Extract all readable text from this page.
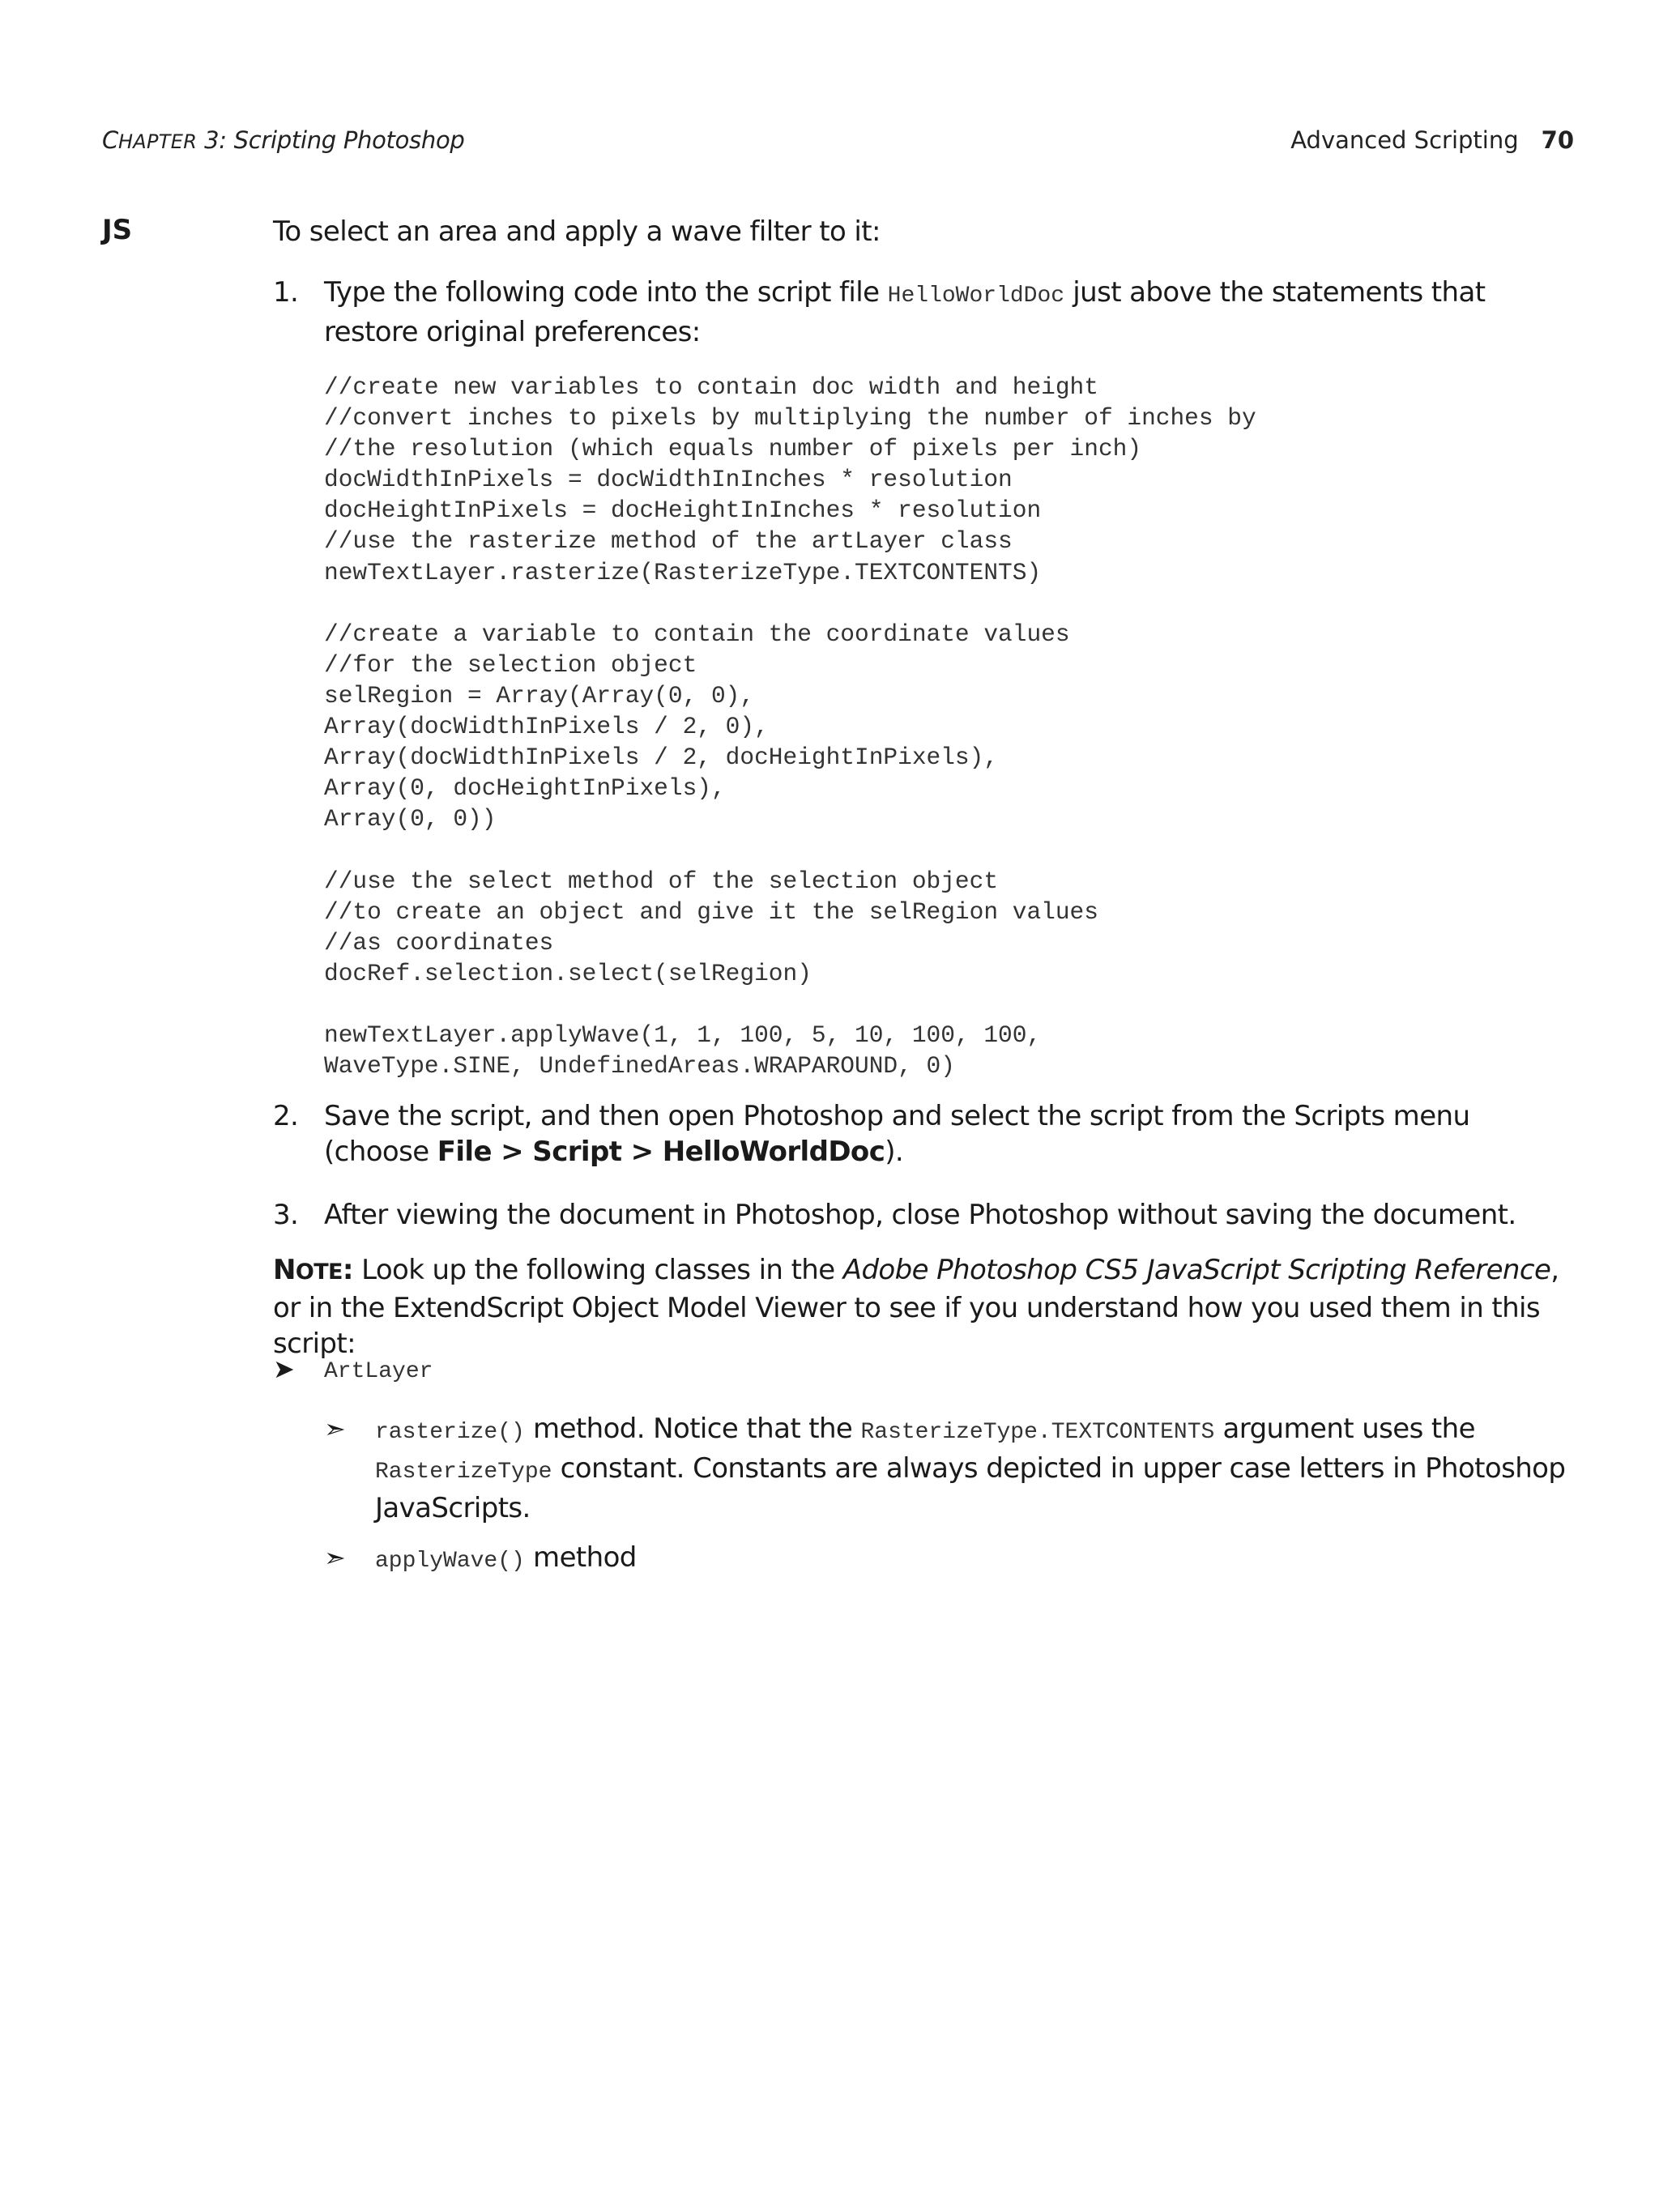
CHAPTER 3: Scripting Photoshop	Advanced Scripting 70
JS	To select an area and apply a wave filter to it:
1. Type the following code into the script file HelloWorldDoc just above the statements that restore original preferences:
//create new variables to contain doc width and height
//convert inches to pixels by multiplying the number of inches by
//the resolution (which equals number of pixels per inch)
docWidthInPixels = docWidthInInches * resolution
docHeightInPixels = docHeightInInches * resolution
//use the rasterize method of the artLayer class
newTextLayer.rasterize(RasterizeType.TEXTCONTENTS)

//create a variable to contain the coordinate values
//for the selection object
selRegion = Array(Array(0, 0),
Array(docWidthInPixels / 2, 0),
Array(docWidthInPixels / 2, docHeightInPixels),
Array(0, docHeightInPixels),
Array(0, 0))

//use the select method of the selection object
//to create an object and give it the selRegion values
//as coordinates
docRef.selection.select(selRegion)

newTextLayer.applyWave(1, 1, 100, 5, 10, 100, 100,
WaveType.SINE, UndefinedAreas.WRAPAROUND, 0)
2. Save the script, and then open Photoshop and select the script from the Scripts menu (choose File > Script > HelloWorldDoc).
3. After viewing the document in Photoshop, close Photoshop without saving the document.
NOTE: Look up the following classes in the Adobe Photoshop CS5 JavaScript Scripting Reference, or in the ExtendScript Object Model Viewer to see if you understand how you used them in this script:
➤ ArtLayer
➣ rasterize() method. Notice that the RasterizeType.TEXTCONTENTS argument uses the RasterizeType constant. Constants are always depicted in upper case letters in Photoshop JavaScripts.
➣ applyWave() method
